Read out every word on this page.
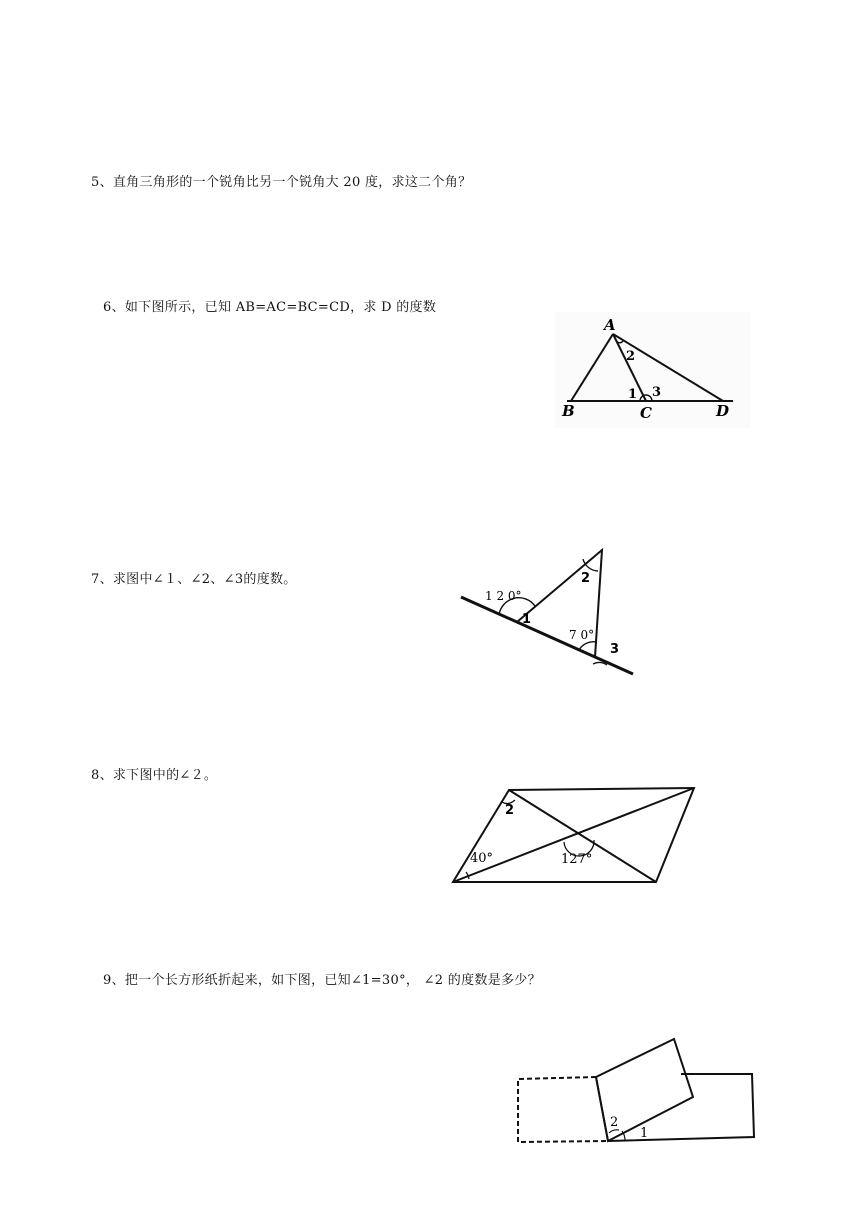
5、直角三角形的一个锐角比另一个锐角大 20 度，求这二个角？
6、如下图所示，已知 AB=AC=BC=CD，求 D 的度数
A
B	C	D
1
2
3
7、求图中∠１、∠2、∠3的度数。
1 2 0°
1
2
7 0°
3
8、求下图中的∠２。
2
40°	127°
9、把一个长方形纸折起来，如下图，已知∠1=30°， ∠2 的度数是多少？
1
2
